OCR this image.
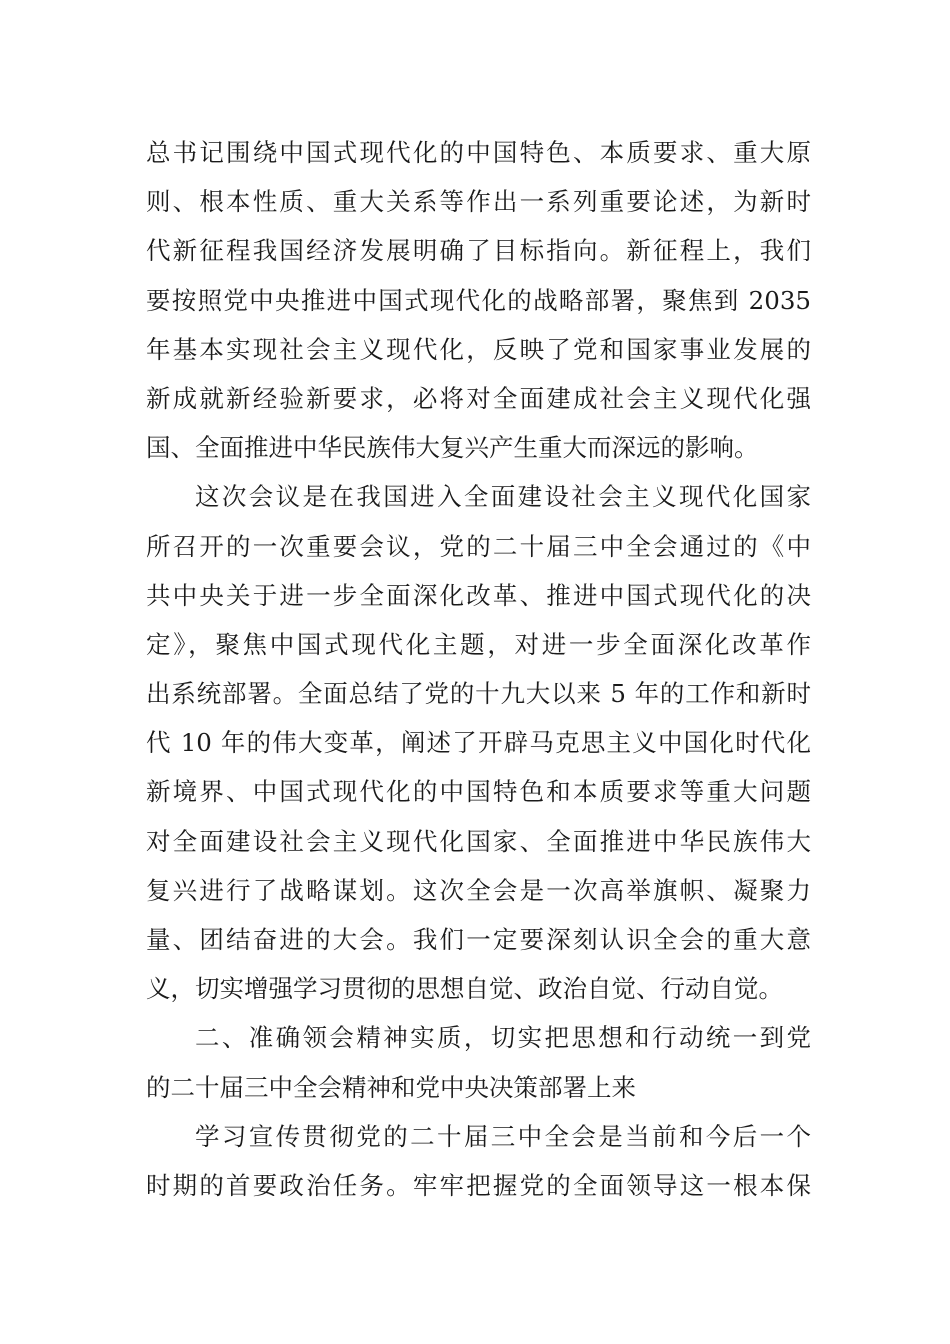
总书记围绕中国式现代化的中国特色、本质要求、重大原
则、根本性质、重大关系等作出一系列重要论述，为新时
代新征程我国经济发展明确了目标指向。新征程上，我们
要按照党中央推进中国式现代化的战略部署，聚焦到 2035
年基本实现社会主义现代化，反映了党和国家事业发展的
新成就新经验新要求，必将对全面建成社会主义现代化强
国、全面推进中华民族伟大复兴产生重大而深远的影响。
这次会议是在我国进入全面建设社会主义现代化国家
所召开的一次重要会议，党的二十届三中全会通过的《中
共中央关于进一步全面深化改革、推进中国式现代化的决
定》，聚焦中国式现代化主题，对进一步全面深化改革作
出系统部署。全面总结了党的十九大以来 5 年的工作和新时
代 10 年的伟大变革，阐述了开辟马克思主义中国化时代化
新境界、中国式现代化的中国特色和本质要求等重大问题
对全面建设社会主义现代化国家、全面推进中华民族伟大
复兴进行了战略谋划。这次全会是一次高举旗帜、凝聚力
量、团结奋进的大会。我们一定要深刻认识全会的重大意
义，切实增强学习贯彻的思想自觉、政治自觉、行动自觉。
二、准确领会精神实质，切实把思想和行动统一到党
的二十届三中全会精神和党中央决策部署上来
学习宣传贯彻党的二十届三中全会是当前和今后一个
时期的首要政治任务。牢牢把握党的全面领导这一根本保
